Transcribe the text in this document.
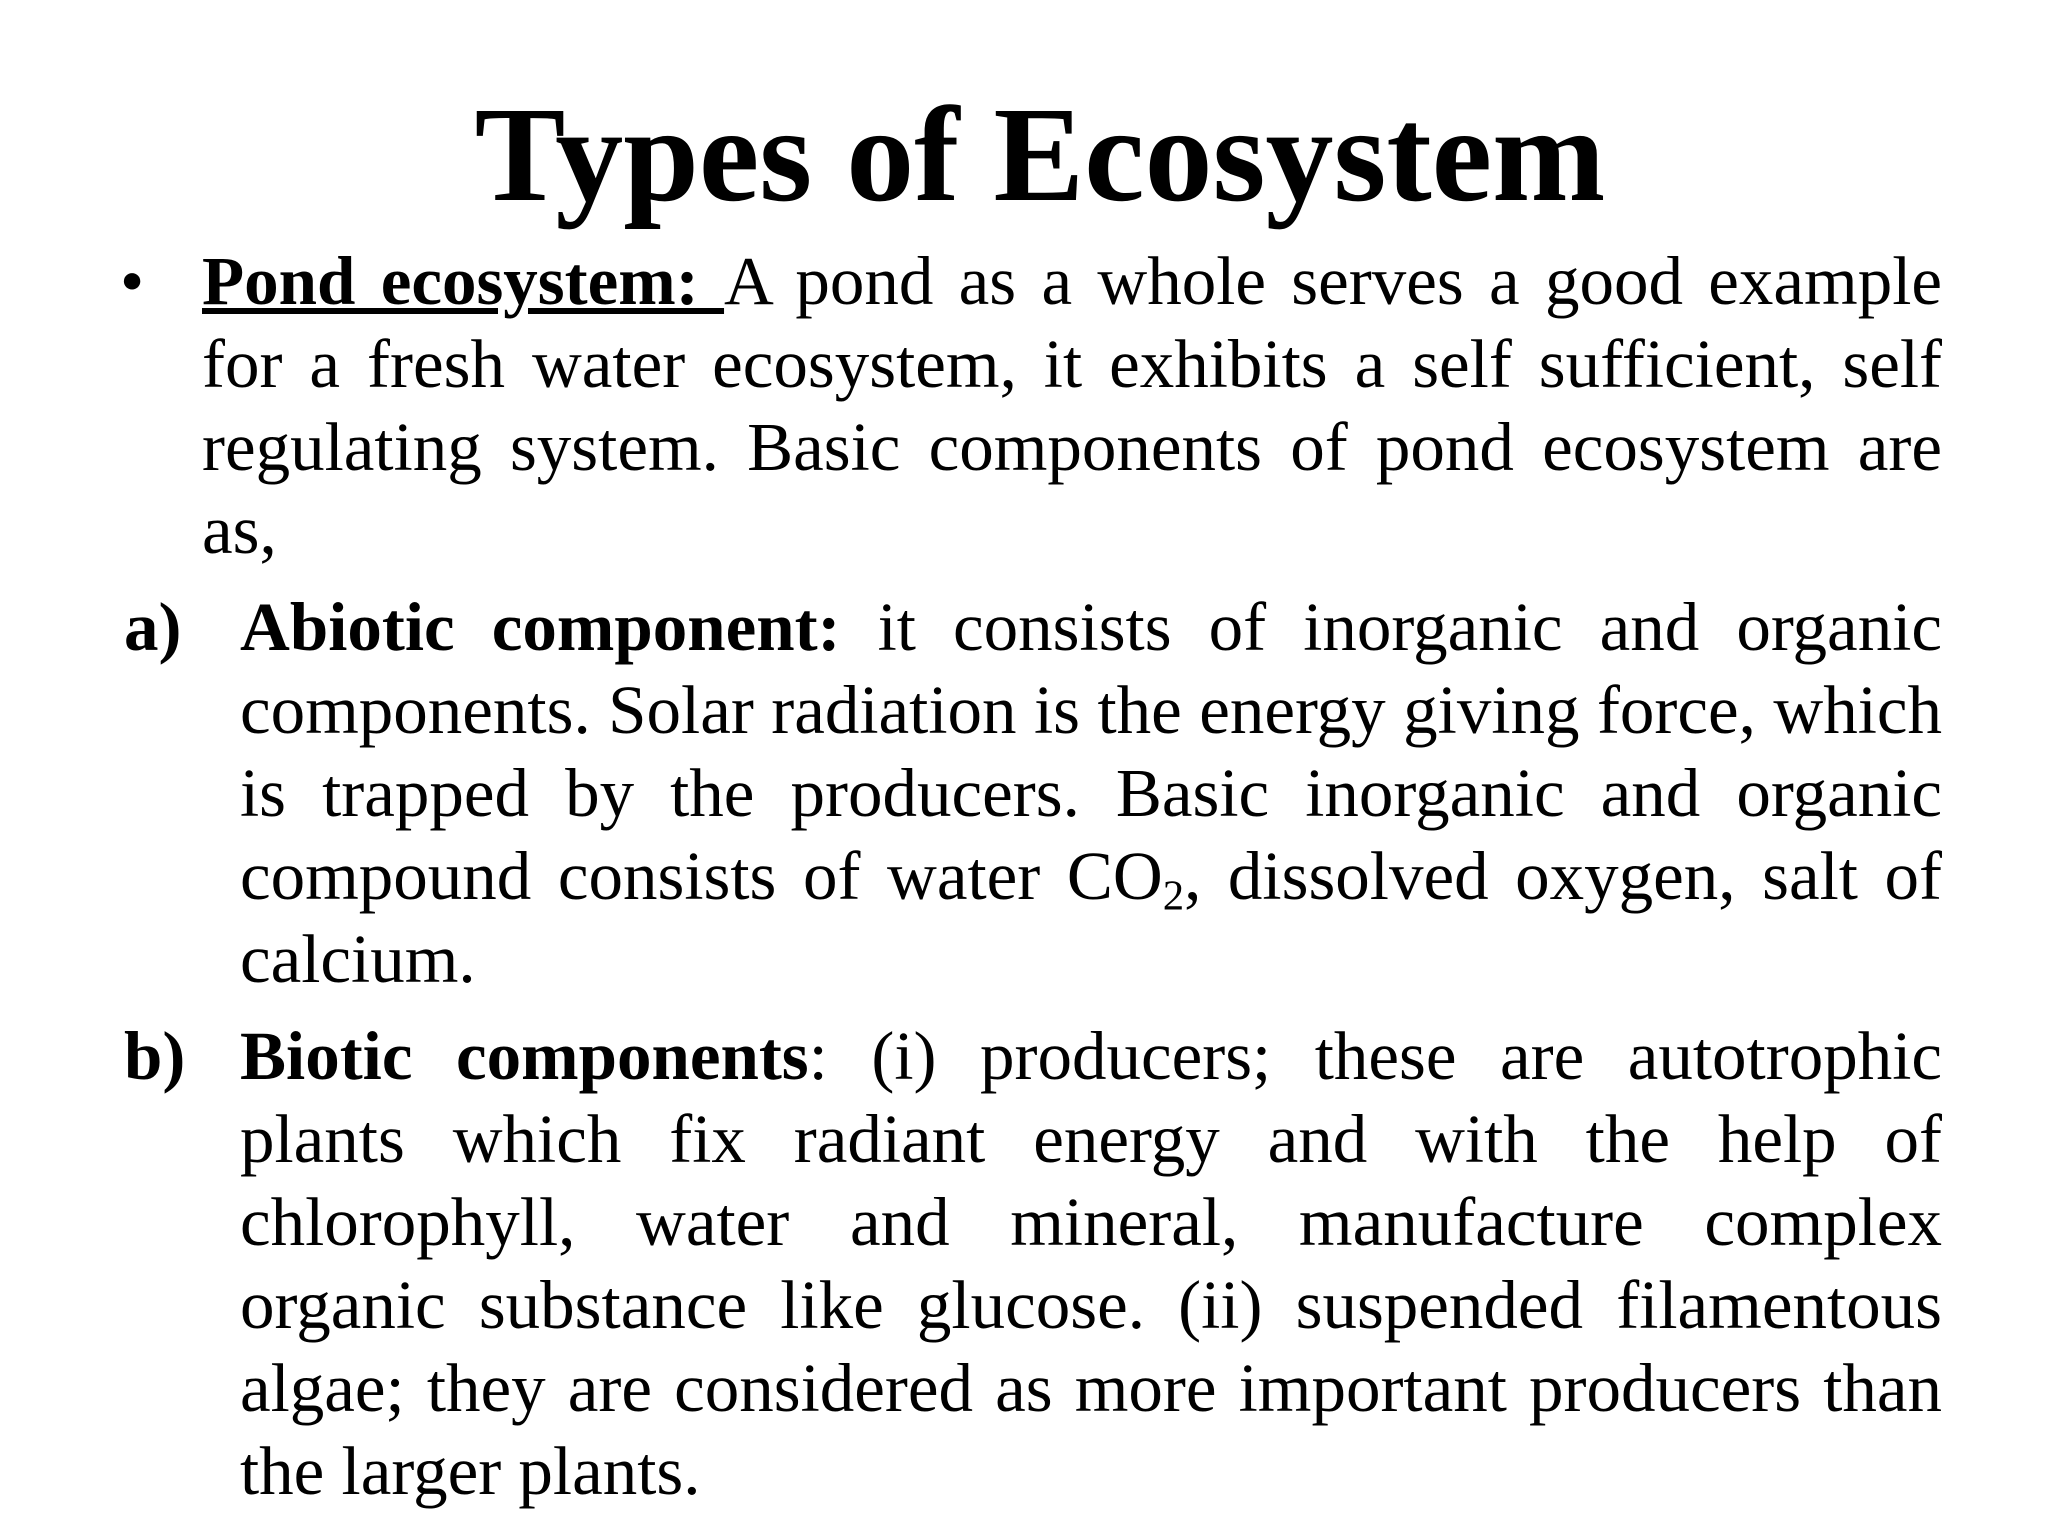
Types of Ecosystem
• Pond ecosystem: A pond as a whole serves a good example for a fresh water ecosystem, it exhibits a self sufficient, self regulating system. Basic components of pond ecosystem are as,
a) Abiotic component: it consists of inorganic and organic components. Solar radiation is the energy giving force, which is trapped by the producers. Basic inorganic and organic compound consists of water $CO_2$, dissolved oxygen, salt of calcium.
b) Biotic components: (i) producers; these are autotrophic plants which fix radiant energy and with the help of chlorophyll, water and mineral, manufacture complex organic substance like glucose. (ii) suspended filamentous algae; they are considered as more important producers than the larger plants.
